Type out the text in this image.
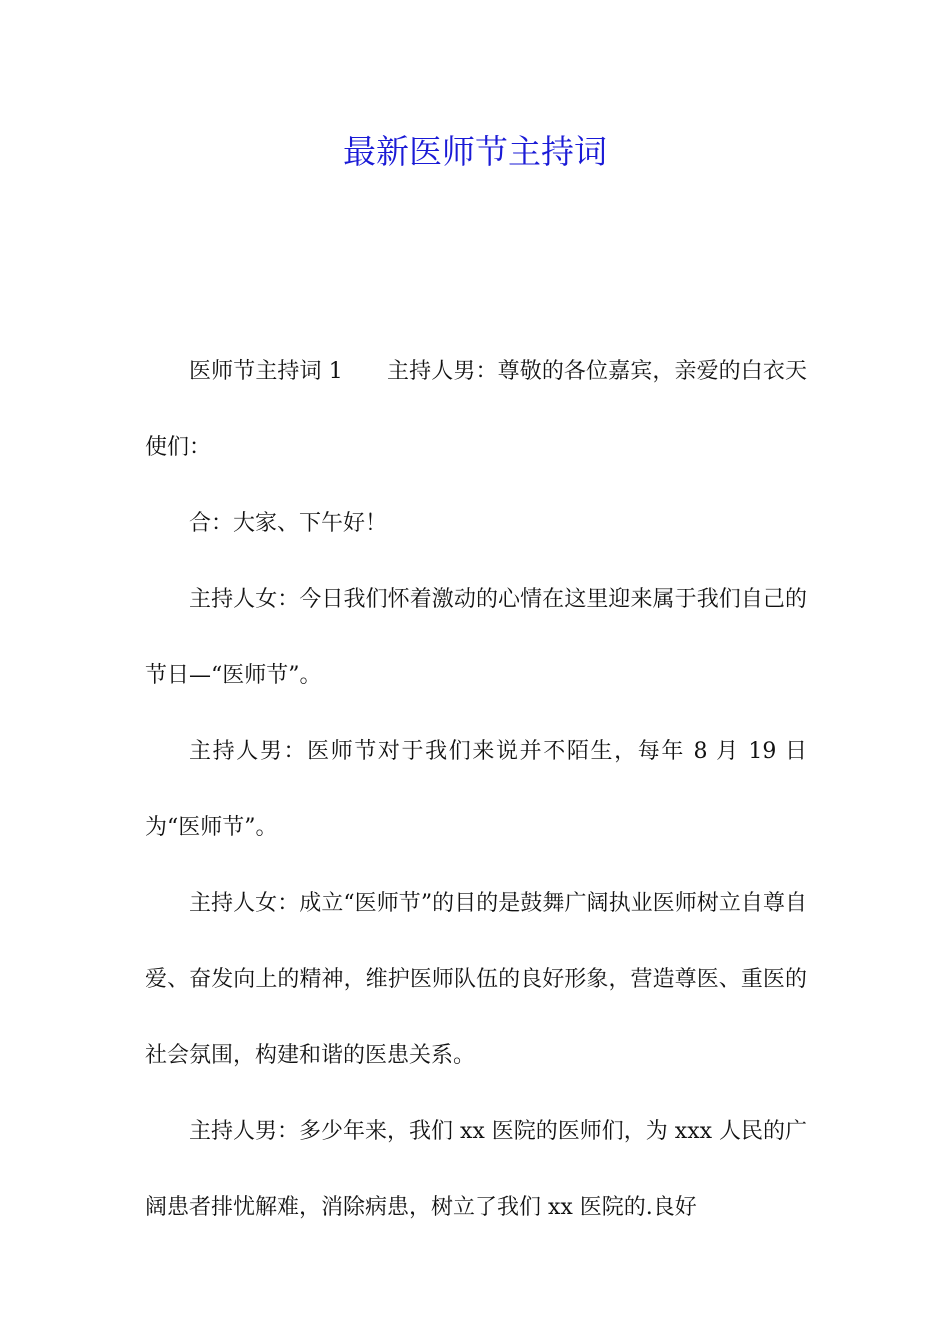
最新医师节主持词

医师节主持词 1　　主持人男：尊敬的各位嘉宾，亲爱的白衣天使们：

合：大家、下午好！

主持人女：今日我们怀着激动的心情在这里迎来属于我们自己的节日—“医师节”。

主持人男：医师节对于我们来说并不陌生，每年 8 月 19 日为“医师节”。

主持人女：成立“医师节”的目的是鼓舞广阔执业医师树立自尊自爱、奋发向上的精神，维护医师队伍的良好形象，营造尊医、重医的社会氛围，构建和谐的医患关系。

主持人男：多少年来，我们 xx 医院的医师们，为 xxx 人民的广阔患者排忧解难，消除病患，树立了我们 xx 医院的.良好
